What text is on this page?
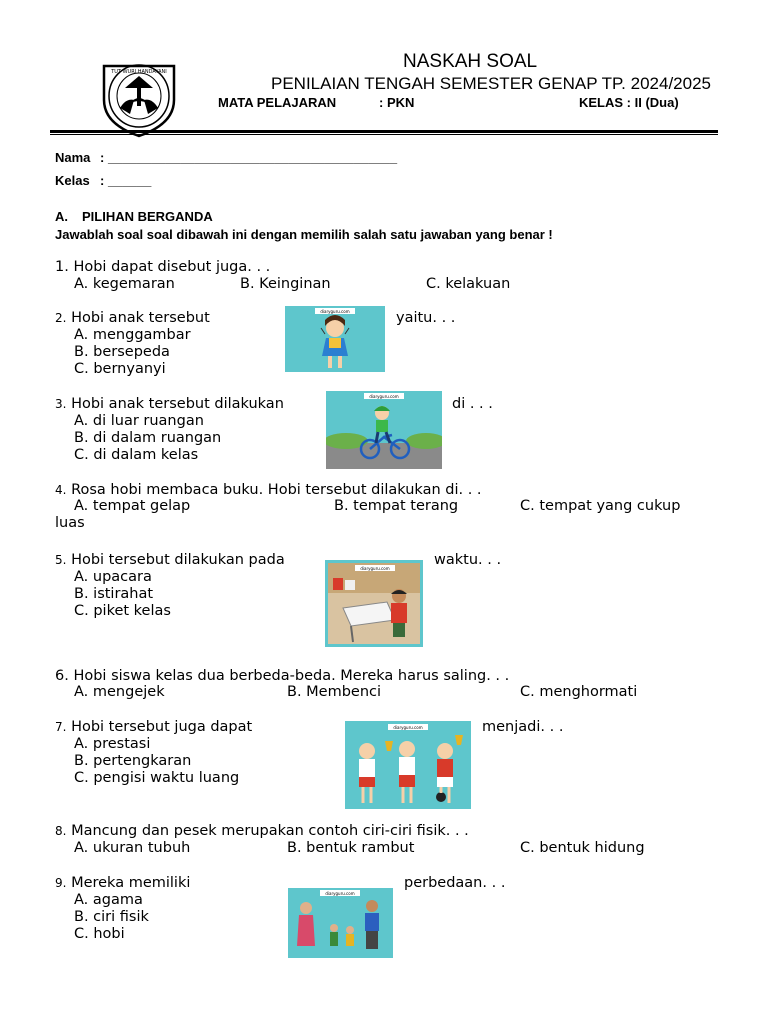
TUT WURI HANDAYANI	NASKAH SOAL
PENILAIAN TENGAH SEMESTER GENAP TP. 2024/2025
MATA PELAJARAN	: PKN	KELAS : II (Dua)
Nama : ________________________________________
Kelas : ______
A. PILIHAN BERGANDA
Jawablah soal soal dibawah ini dengan memilih salah satu jawaban yang benar !
1. Hobi dapat disebut juga. . .
A. kegemaran	B. Keinginan	C. kelakuan
2. Hobi anak tersebut	yaitu. . .
A. menggambar
B. bersepeda
C. bernyanyi
diaryguru.com
3. Hobi anak tersebut dilakukan	di . . .
A. di luar ruangan
B. di dalam ruangan
C. di dalam kelas
diaryguru.com
4. Rosa hobi membaca buku. Hobi tersebut dilakukan di. . .
A. tempat gelap	B. tempat terang	C. tempat yang cukup
luas
5. Hobi tersebut dilakukan pada	waktu. . .
A. upacara
B. istirahat
C. piket kelas
diaryguru.com
6. Hobi siswa kelas dua berbeda-beda. Mereka harus saling. . .
A. mengejek	B. Membenci	C. menghormati
7. Hobi tersebut juga dapat	menjadi. . .
A. prestasi
B. pertengkaran
C. pengisi waktu luang
diaryguru.com
8. Mancung dan pesek merupakan contoh ciri-ciri fisik. . .
A. ukuran tubuh	B. bentuk rambut	C. bentuk hidung
9. Mereka memiliki	perbedaan. . .
A. agama
B. ciri fisik
C. hobi
diaryguru.com
